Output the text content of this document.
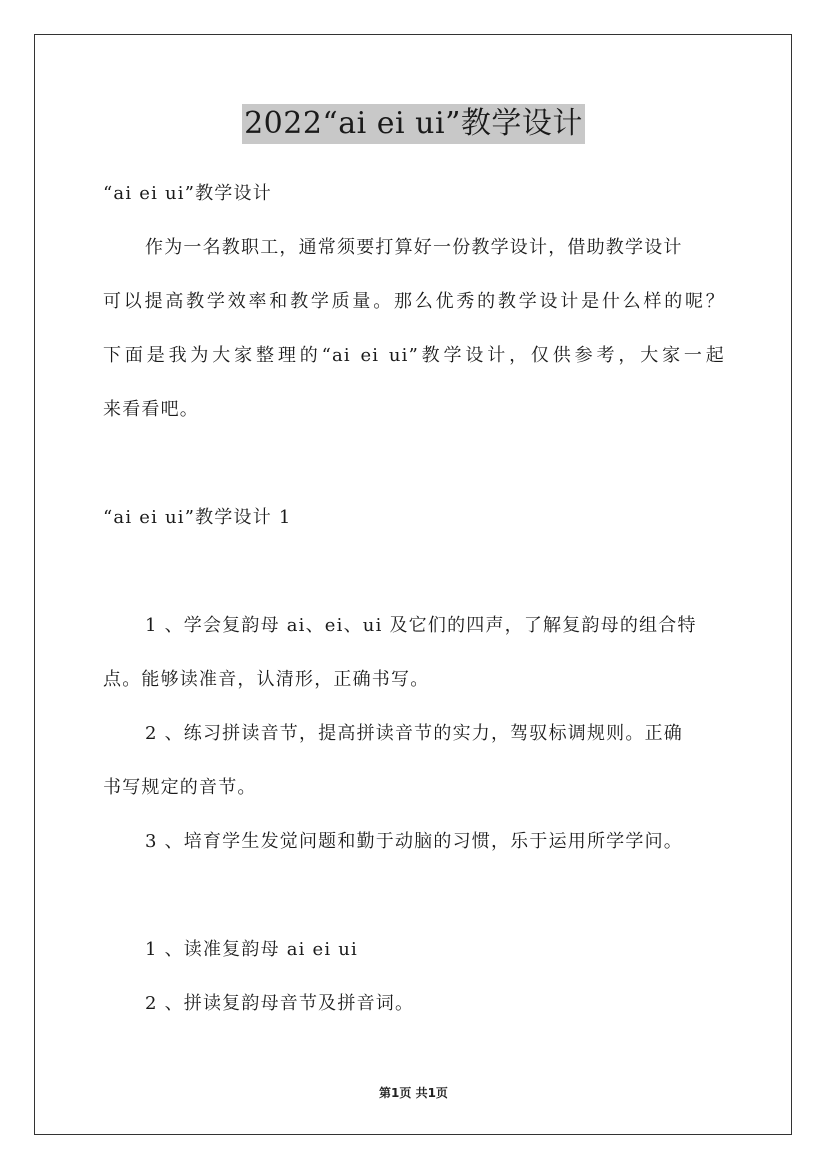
2022“ai ei ui”教学设计
“ai ei ui”教学设计
作为一名教职工，通常须要打算好一份教学设计，借助教学设计
可以提高教学效率和教学质量。那么优秀的教学设计是什么样的呢？
下面是我为大家整理的“ai ei ui”教学设计，仅供参考，大家一起
来看看吧。
“ai ei ui”教学设计 1
1 、学会复韵母 ai、ei、ui 及它们的四声，了解复韵母的组合特
点。能够读准音，认清形，正确书写。
2 、练习拼读音节，提高拼读音节的实力，驾驭标调规则。正确
书写规定的音节。
3 、培育学生发觉问题和勤于动脑的习惯，乐于运用所学学问。
1 、读准复韵母 ai ei ui
2 、拼读复韵母音节及拼音词。
第1页 共1页
